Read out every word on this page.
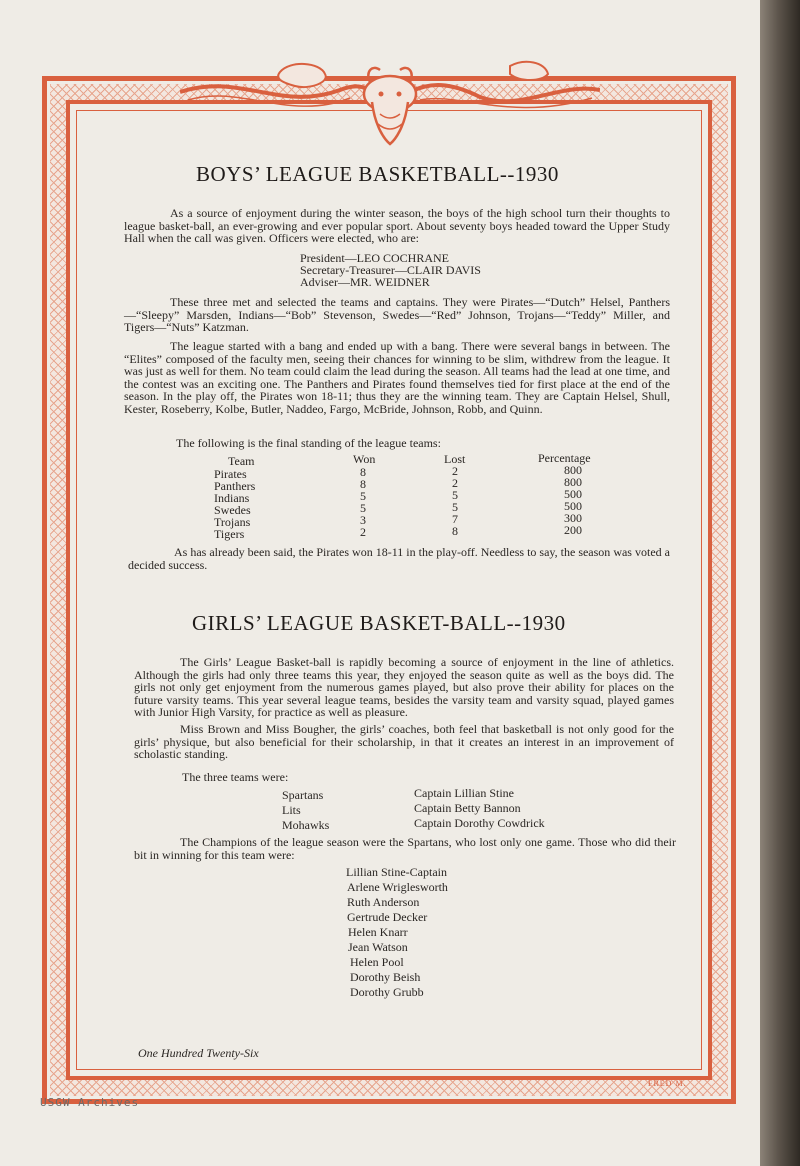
BOYS’ LEAGUE BASKETBALL--1930

As a source of enjoyment during the winter season, the boys of the high school turn their thoughts to league basket-ball, an ever-growing and ever popular sport. About seventy boys headed toward the Upper Study Hall when the call was given. Officers were elected, who are:

President—LEO COCHRANE
Secretary-Treasurer—CLAIR DAVIS
Adviser—MR. WEIDNER

These three met and selected the teams and captains. They were Pirates—“Dutch” Helsel, Panthers—“Sleepy” Marsden, Indians—“Bob” Stevenson, Swedes—“Red” Johnson, Trojans—“Teddy” Miller, and Tigers—“Nuts” Katzman.

The league started with a bang and ended up with a bang. There were several bangs in between. The “Elites” composed of the faculty men, seeing their chances for winning to be slim, withdrew from the league. It was just as well for them. No team could claim the lead during the season. All teams had the lead at one time, and the contest was an exciting one. The Panthers and Pirates found themselves tied for first place at the end of the season. In the play off, the Pirates won 18-11; thus they are the winning team. They are Captain Helsel, Shull, Kester, Roseberry, Kolbe, Butler, Naddeo, Fargo, McBride, Johnson, Robb, and Quinn.

The following is the final standing of the league teams:
Team	Won	Lost	Percentage
Pirates	8	2	800
Panthers	8	2	800
Indians	5	5	500
Swedes	5	5	500
Trojans	3	7	300
Tigers	2	8	200

As has already been said, the Pirates won 18-11 in the play-off. Needless to say, the season was voted a decided success.

GIRLS’ LEAGUE BASKET-BALL--1930

The Girls’ League Basket-ball is rapidly becoming a source of enjoyment in the line of athletics. Although the girls had only three teams this year, they enjoyed the season quite as well as the boys did. The girls not only get enjoyment from the numerous games played, but also prove their ability for places on the future varsity teams. This year several league teams, besides the varsity team and varsity squad, played games with Junior High Varsity, for practice as well as pleasure.

Miss Brown and Miss Bougher, the girls’ coaches, both feel that basketball is not only good for the girls’ physique, but also beneficial for their scholarship, in that it creates an interest in an improvement of scholastic standing.

The three teams were:
Spartans	Captain Lillian Stine
Lits	Captain Betty Bannon
Mohawks	Captain Dorothy Cowdrick

The Champions of the league season were the Spartans, who lost only one game. Those who did their bit in winning for this team were:

Lillian Stine-Captain
Arlene Wriglesworth
Ruth Anderson
Gertrude Decker
Helen Knarr
Jean Watson
Helen Pool
Dorothy Beish
Dorothy Grubb
One Hundred Twenty-Six
FRED M.
USGW Archives
